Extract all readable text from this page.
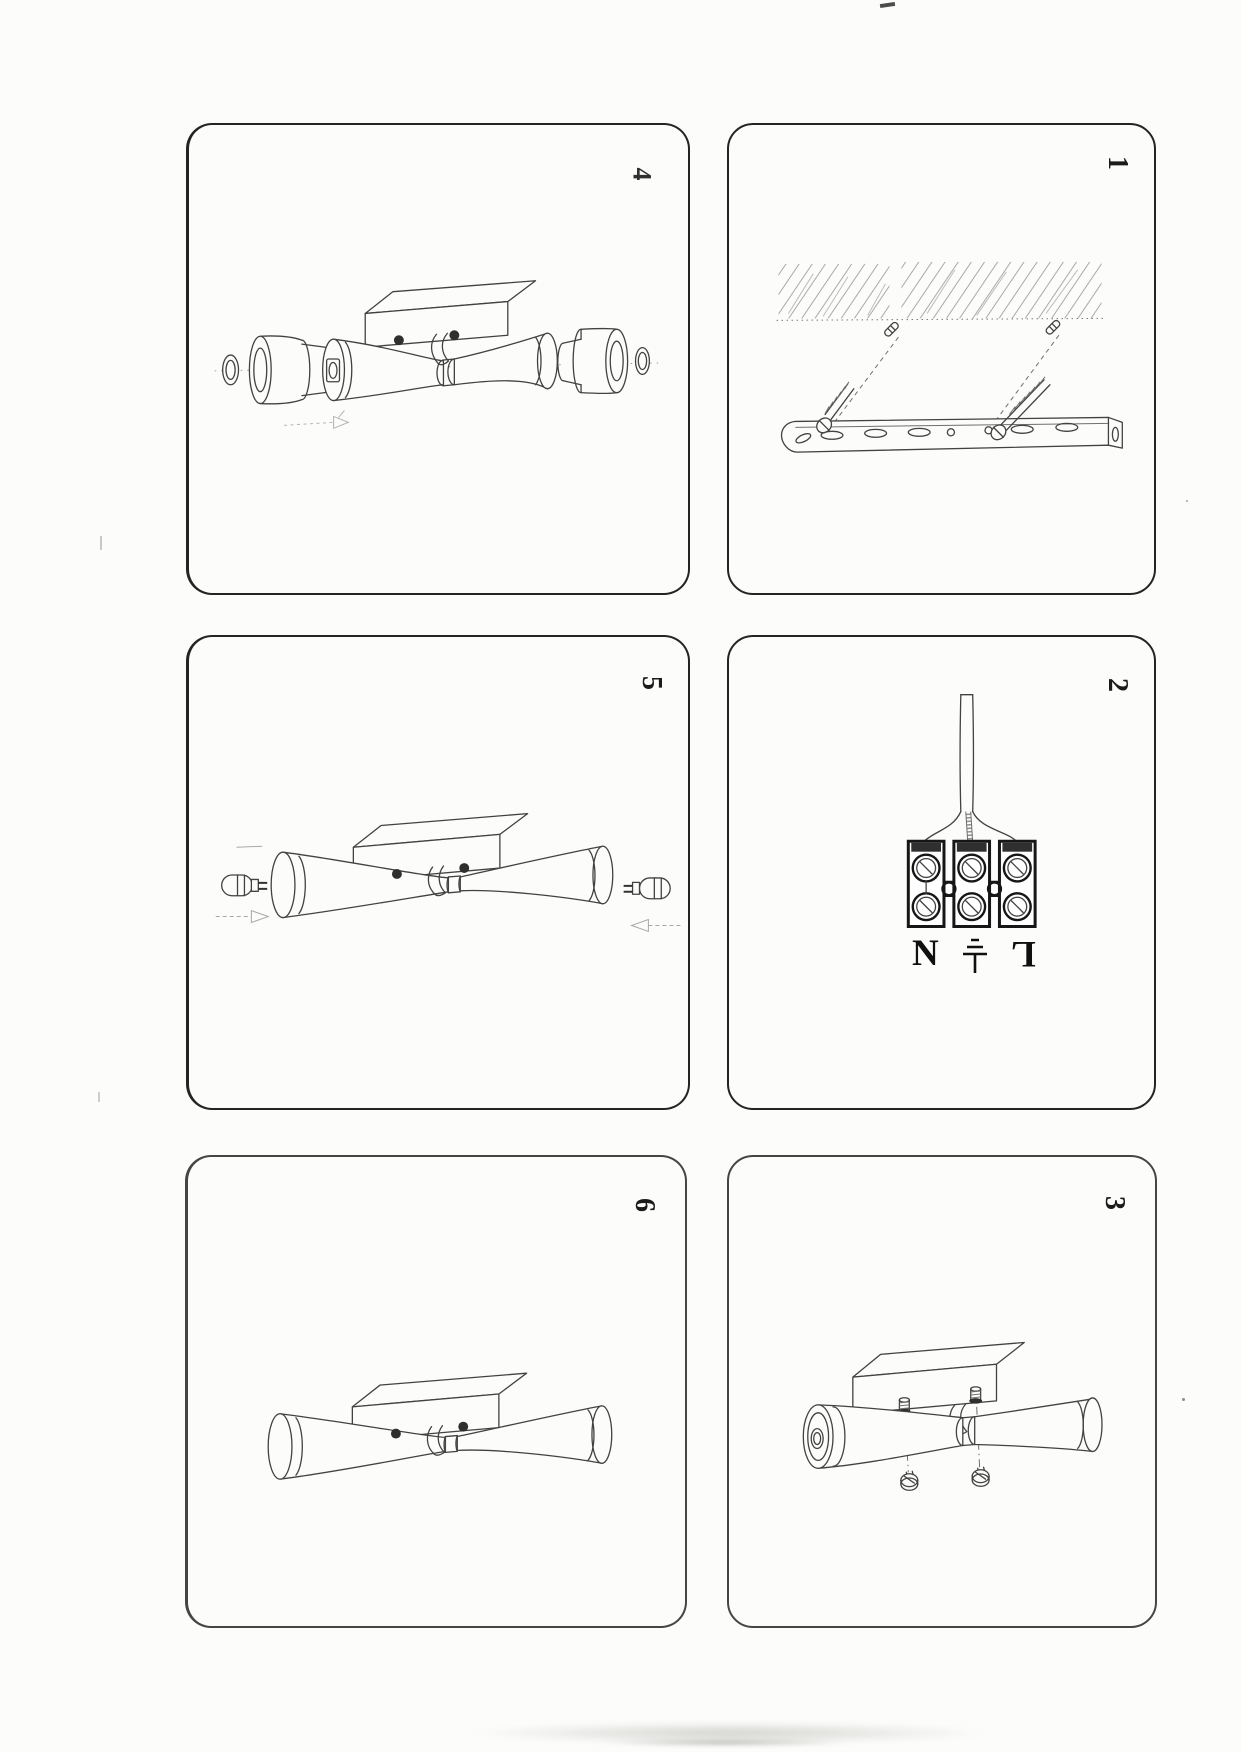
4
1
5
N L
2
6	3
